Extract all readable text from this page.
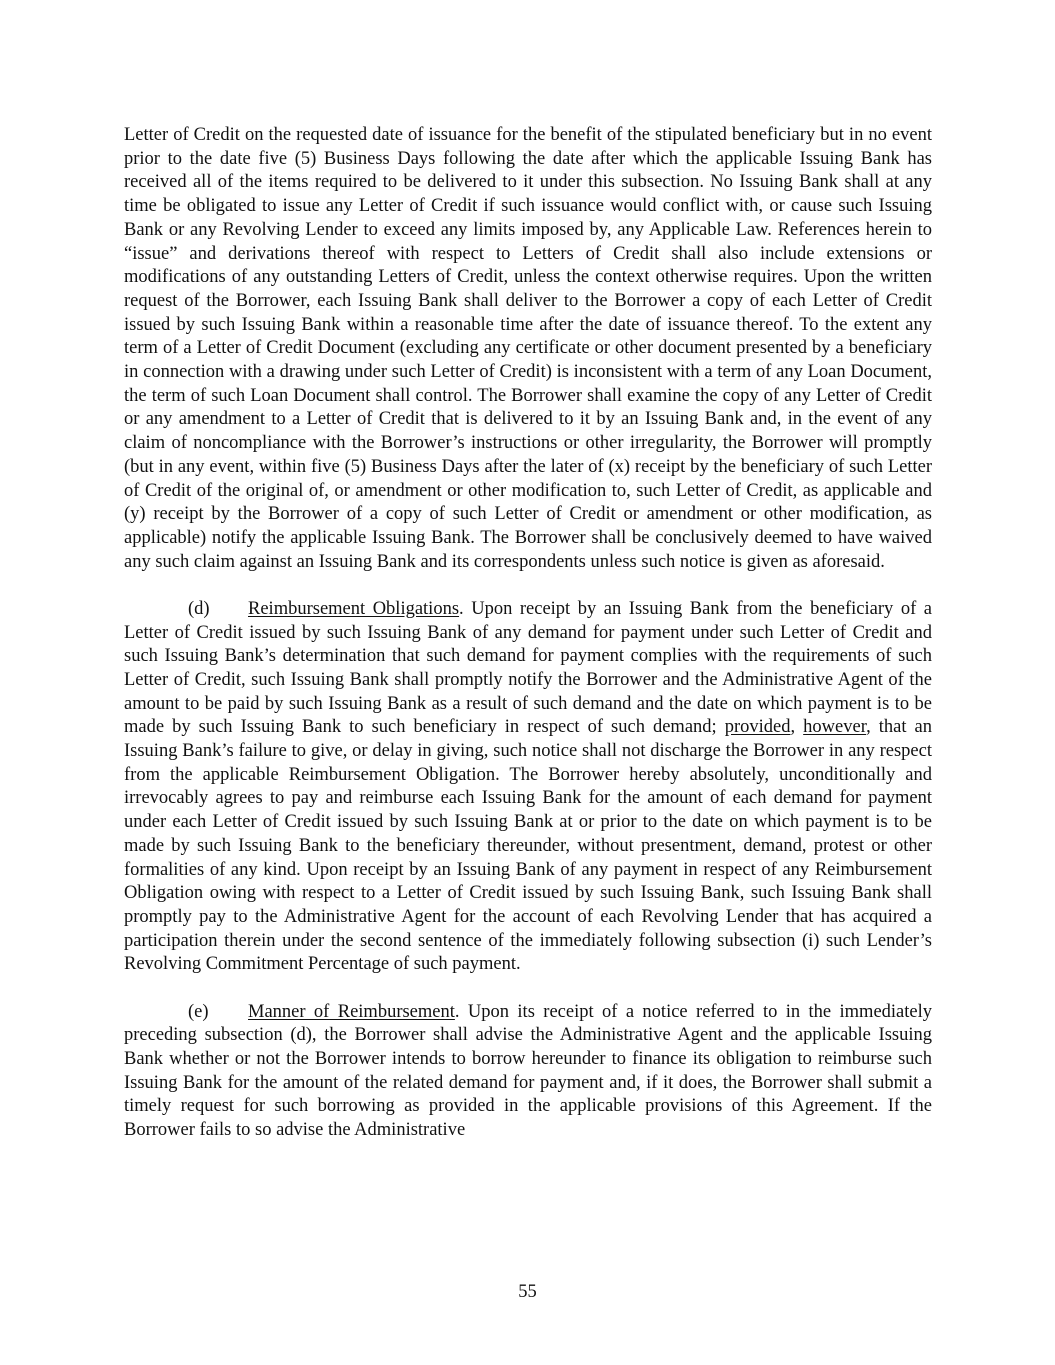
Letter of Credit on the requested date of issuance for the benefit of the stipulated beneficiary but in no event prior to the date five (5) Business Days following the date after which the applicable Issuing Bank has received all of the items required to be delivered to it under this subsection. No Issuing Bank shall at any time be obligated to issue any Letter of Credit if such issuance would conflict with, or cause such Issuing Bank or any Revolving Lender to exceed any limits imposed by, any Applicable Law. References herein to “issue” and derivations thereof with respect to Letters of Credit shall also include extensions or modifications of any outstanding Letters of Credit, unless the context otherwise requires. Upon the written request of the Borrower, each Issuing Bank shall deliver to the Borrower a copy of each Letter of Credit issued by such Issuing Bank within a reasonable time after the date of issuance thereof. To the extent any term of a Letter of Credit Document (excluding any certificate or other document presented by a beneficiary in connection with a drawing under such Letter of Credit) is inconsistent with a term of any Loan Document, the term of such Loan Document shall control. The Borrower shall examine the copy of any Letter of Credit or any amendment to a Letter of Credit that is delivered to it by an Issuing Bank and, in the event of any claim of noncompliance with the Borrower’s instructions or other irregularity, the Borrower will promptly (but in any event, within five (5) Business Days after the later of (x) receipt by the beneficiary of such Letter of Credit of the original of, or amendment or other modification to, such Letter of Credit, as applicable and (y) receipt by the Borrower of a copy of such Letter of Credit or amendment or other modification, as applicable) notify the applicable Issuing Bank. The Borrower shall be conclusively deemed to have waived any such claim against an Issuing Bank and its correspondents unless such notice is given as aforesaid.

(d) Reimbursement Obligations. Upon receipt by an Issuing Bank from the beneficiary of a Letter of Credit issued by such Issuing Bank of any demand for payment under such Letter of Credit and such Issuing Bank’s determination that such demand for payment complies with the requirements of such Letter of Credit, such Issuing Bank shall promptly notify the Borrower and the Administrative Agent of the amount to be paid by such Issuing Bank as a result of such demand and the date on which payment is to be made by such Issuing Bank to such beneficiary in respect of such demand; provided, however, that an Issuing Bank’s failure to give, or delay in giving, such notice shall not discharge the Borrower in any respect from the applicable Reimbursement Obligation. The Borrower hereby absolutely, unconditionally and irrevocably agrees to pay and reimburse each Issuing Bank for the amount of each demand for payment under each Letter of Credit issued by such Issuing Bank at or prior to the date on which payment is to be made by such Issuing Bank to the beneficiary thereunder, without presentment, demand, protest or other formalities of any kind. Upon receipt by an Issuing Bank of any payment in respect of any Reimbursement Obligation owing with respect to a Letter of Credit issued by such Issuing Bank, such Issuing Bank shall promptly pay to the Administrative Agent for the account of each Revolving Lender that has acquired a participation therein under the second sentence of the immediately following subsection (i) such Lender’s Revolving Commitment Percentage of such payment.

(e) Manner of Reimbursement. Upon its receipt of a notice referred to in the immediately preceding subsection (d), the Borrower shall advise the Administrative Agent and the applicable Issuing Bank whether or not the Borrower intends to borrow hereunder to finance its obligation to reimburse such Issuing Bank for the amount of the related demand for payment and, if it does, the Borrower shall submit a timely request for such borrowing as provided in the applicable provisions of this Agreement. If the Borrower fails to so advise the Administrative

55
